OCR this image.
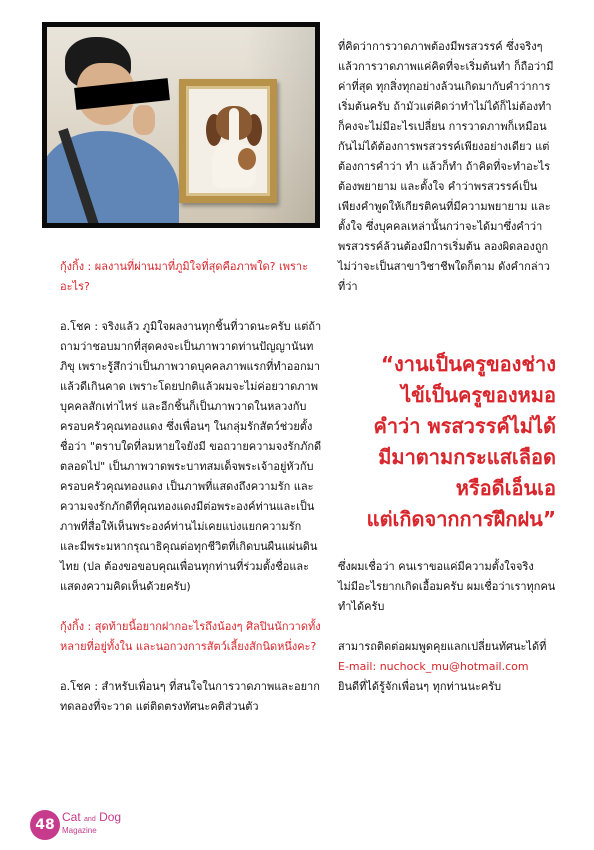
กุ้งกิ้ง : ผลงานที่ผ่านมาที่ภูมิใจที่สุดคือภาพใด? เพราะอะไร?
อ.โชค : จริงแล้ว ภูมิใจผลงานทุกชิ้นที่วาดนะครับ แต่ถ้าถามว่าชอบมากที่สุดคงจะเป็นภาพวาดท่านปัญญานันทภิขุ เพราะรู้สึกว่าเป็นภาพวาดบุคคลภาพแรกที่ทำออกมาแล้วดีเกินคาด เพราะโดยปกติแล้วผมจะไม่ค่อยวาดภาพบุคคลสักเท่าไหร่ และอีกชิ้นก็เป็นภาพวาดในหลวงกับครอบครัวคุณทองแดง ซึ่งเพื่อนๆ ในกลุ่มรักสัตว์ช่วยตั้งชื่อว่า "ตราบใดที่ลมหายใจยังมี ขอถวายความจงรักภักดีตลอดไป" เป็นภาพวาดพระบาทสมเด็จพระเจ้าอยู่หัวกับครอบครัวคุณทองแดง เป็นภาพที่แสดงถึงความรัก และความจงรักภักดีที่คุณทองแดงมีต่อพระองค์ท่านและเป็นภาพที่สื่อให้เห็นพระองค์ท่านไม่เคยแบ่งแยกความรัก และมีพระมหากรุณาธิคุณต่อทุกชีวิตที่เกิดบนผืนแผ่นดินไทย (ปล ต้องขอขอบคุณเพื่อนทุกท่านที่ร่วมตั้งชื่อและแสดงความคิดเห็นด้วยครับ)
กุ้งกิ้ง : สุดท้ายนี้อยากฝากอะไรถึงน้องๆ ศิลปินนักวาดทั้งหลายที่อยู่ทั้งใน และนอกวงการสัตว์เลี้ยงสักนิดหนึ่งคะ?
อ.โชค : สำหรับเพื่อนๆ ที่สนใจในการวาดภาพและอยากทดลองที่จะวาด แต่ติดตรงทัศนะคติส่วนตัว
ที่คิดว่าการวาดภาพต้องมีพรสวรรค์ ซึ่งจริงๆ แล้วการวาดภาพแค่คิดที่จะเริ่มต้นทำ ก็ถือว่ามีค่าที่สุด ทุกสิ่งทุกอย่างล้วนเกิดมากับคำว่าการเริ่มต้นครับ ถ้ามัวแต่คิดว่าทำไม่ได้ก็ไม่ต้องทำก็คงจะไม่มีอะไรเปลี่ยน การวาดภาพก็เหมือนกันไม่ได้ต้องการพรสวรรค์เพียงอย่างเดียว แต่ต้องการคำว่า ทำ แล้วก็ทำ ถ้าคิดที่จะทำอะไรต้องพยายาม และตั้งใจ คำว่าพรสวรรค์เป็นเพียงคำพูดให้เกียรติคนที่มีความพยายาม และตั้งใจ ซึ่งบุคคลเหล่านั้นกว่าจะได้มาซึ่งคำว่าพรสวรรค์ล้วนต้องมีการเริ่มต้น ลองผิดลองถูก ไม่ว่าจะเป็นสาขาวิชาชีพใดก็ตาม ดังคำกล่าวที่ว่า
“งานเป็นครูของช่าง
ไข้เป็นครูของหมอ
คำว่า พรสวรรค์ไม่ได้
มีมาตามกระแสเลือด
หรือดีเอ็นเอ
แต่เกิดจากการฝึกฝน”
ซึ่งผมเชื่อว่า คนเราขอแค่มีความตั้งใจจริง ไม่มีอะไรยากเกิดเอื้อมครับ ผมเชื่อว่าเราทุกคนทำได้ครับ
สามารถติดต่อผมพูดคุยแลกเปลี่ยนทัศนะได้ที่ E-mail: nuchock_mu@hotmail.com
ยินดีที่ได้รู้จักเพื่อนๆ ทุกท่านนะครับ
48 Cat and Dog
Magazine
